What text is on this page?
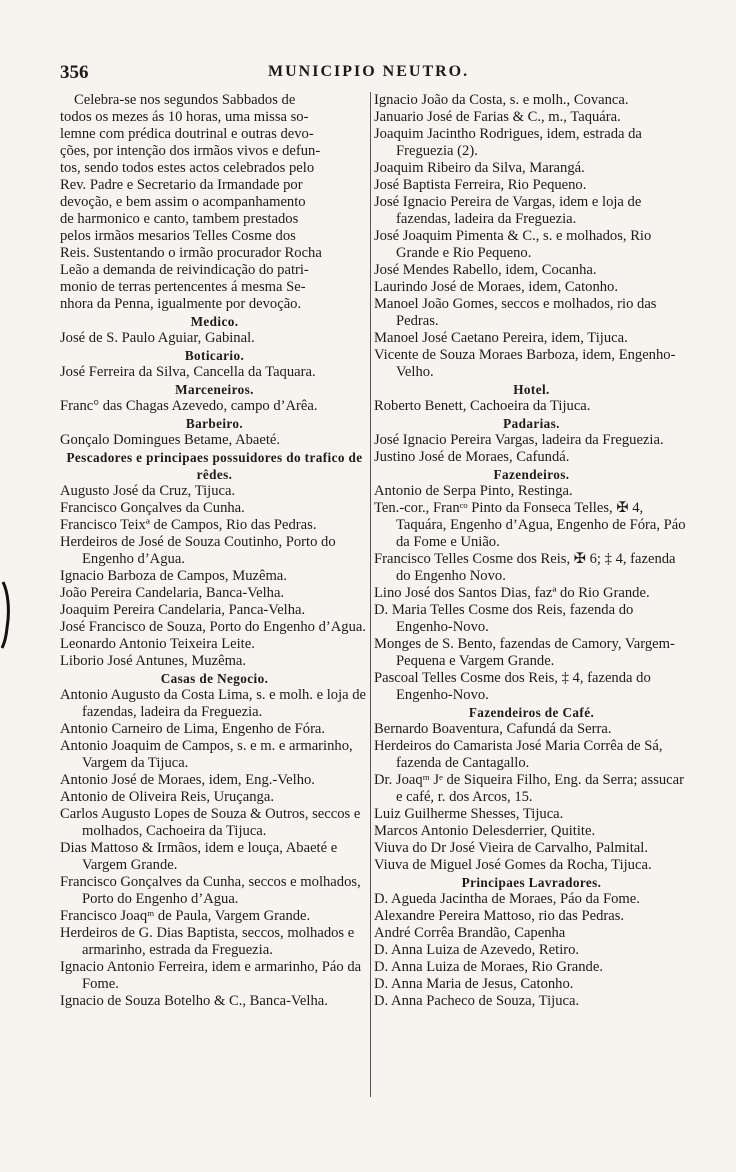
356	MUNICIPIO NEUTRO.
Celebra-se nos segundos Sabbados de
todos os mezes ás 10 horas, uma missa so-
lemne com prédica doutrinal e outras devo-
ções, por intenção dos irmãos vivos e defun-
tos, sendo todos estes actos celebrados pelo
Rev. Padre e Secretario da Irmandade por
devoção, e bem assim o acompanhamento
de harmonico e canto, tambem prestados
pelos irmãos mesarios Telles Cosme dos
Reis. Sustentando o irmão procurador Rocha
Leão a demanda de reivindicação do patri-
monio de terras pertencentes á mesma Se-
nhora da Penna, igualmente por devoção.
Medico.
José de S. Paulo Aguiar, Gabinal.
Boticario.
José Ferreira da Silva, Cancella da Taquara.
Marceneiros.
Franc° das Chagas Azevedo, campo d’Arêa.
Barbeiro.
Gonçalo Domingues Betame, Abaeté.
Pescadores e principaes possuidores do trafico de rêdes.
Augusto José da Cruz, Tijuca.
Francisco Gonçalves da Cunha.
Francisco Teixª de Campos, Rio das Pedras.
Herdeiros de José de Souza Coutinho, Porto do Engenho d’Agua.
Ignacio Barboza de Campos, Muzêma.
João Pereira Candelaria, Banca-Velha.
Joaquim Pereira Candelaria, Panca-Velha.
José Francisco de Souza, Porto do Engenho d’Agua.
Leonardo Antonio Teixeira Leite.
Liborio José Antunes, Muzêma.
Casas de Negocio.
Antonio Augusto da Costa Lima, s. e molh. e loja de fazendas, ladeira da Freguezia.
Antonio Carneiro de Lima, Engenho de Fóra.
Antonio Joaquim de Campos, s. e m. e armarinho, Vargem da Tijuca.
Antonio José de Moraes, idem, Eng.-Velho.
Antonio de Oliveira Reis, Uruçanga.
Carlos Augusto Lopes de Souza & Outros, seccos e molhados, Cachoeira da Tijuca.
Dias Mattoso & Irmãos, idem e louça, Abaeté e Vargem Grande.
Francisco Gonçalves da Cunha, seccos e molhados, Porto do Engenho d’Agua.
Francisco Joaqᵐ de Paula, Vargem Grande.
Herdeiros de G. Dias Baptista, seccos, molhados e armarinho, estrada da Freguezia.
Ignacio Antonio Ferreira, idem e armarinho, Páo da Fome.
Ignacio de Souza Botelho & C., Banca-Velha.
Ignacio João da Costa, s. e molh., Covanca.
Januario José de Farias & C., m., Taquára.
Joaquim Jacintho Rodrigues, idem, estrada da Freguezia (2).
Joaquim Ribeiro da Silva, Marangá.
José Baptista Ferreira, Rio Pequeno.
José Ignacio Pereira de Vargas, idem e loja de fazendas, ladeira da Freguezia.
José Joaquim Pimenta & C., s. e molhados, Rio Grande e Rio Pequeno.
José Mendes Rabello, idem, Cocanha.
Laurindo José de Moraes, idem, Catonho.
Manoel João Gomes, seccos e molhados, rio das Pedras.
Manoel José Caetano Pereira, idem, Tijuca.
Vicente de Souza Moraes Barboza, idem, Engenho-Velho.
Hotel.
Roberto Benett, Cachoeira da Tijuca.
Padarias.
José Ignacio Pereira Vargas, ladeira da Freguezia.
Justino José de Moraes, Cafundá.
Fazendeiros.
Antonio de Serpa Pinto, Restinga.
Ten.-cor., Franᶜᵒ Pinto da Fonseca Telles, ✠ 4, Taquára, Engenho d’Agua, Engenho de Fóra, Páo da Fome e União.
Francisco Telles Cosme dos Reis, ✠ 6; ‡ 4, fazenda do Engenho Novo.
Lino José dos Santos Dias, fazª do Rio Grande.
D. Maria Telles Cosme dos Reis, fazenda do Engenho-Novo.
Monges de S. Bento, fazendas de Camory, Vargem-Pequena e Vargem Grande.
Pascoal Telles Cosme dos Reis, ‡ 4, fazenda do Engenho-Novo.
Fazendeiros de Café.
Bernardo Boaventura, Cafundá da Serra.
Herdeiros do Camarista José Maria Corrêa de Sá, fazenda de Cantagallo.
Dr. Joaqᵐ Jᵉ de Siqueira Filho, Eng. da Serra; assucar e café, r. dos Arcos, 15.
Luiz Guilherme Shesses, Tijuca.
Marcos Antonio Delesderrier, Quitite.
Viuva do Dr José Vieira de Carvalho, Palmital.
Viuva de Miguel José Gomes da Rocha, Tijuca.
Principaes Lavradores.
D. Agueda Jacintha de Moraes, Páo da Fome.
Alexandre Pereira Mattoso, rio das Pedras.
André Corrêa Brandão, Capenha
D. Anna Luiza de Azevedo, Retiro.
D. Anna Luiza de Moraes, Rio Grande.
D. Anna Maria de Jesus, Catonho.
D. Anna Pacheco de Souza, Tijuca.
